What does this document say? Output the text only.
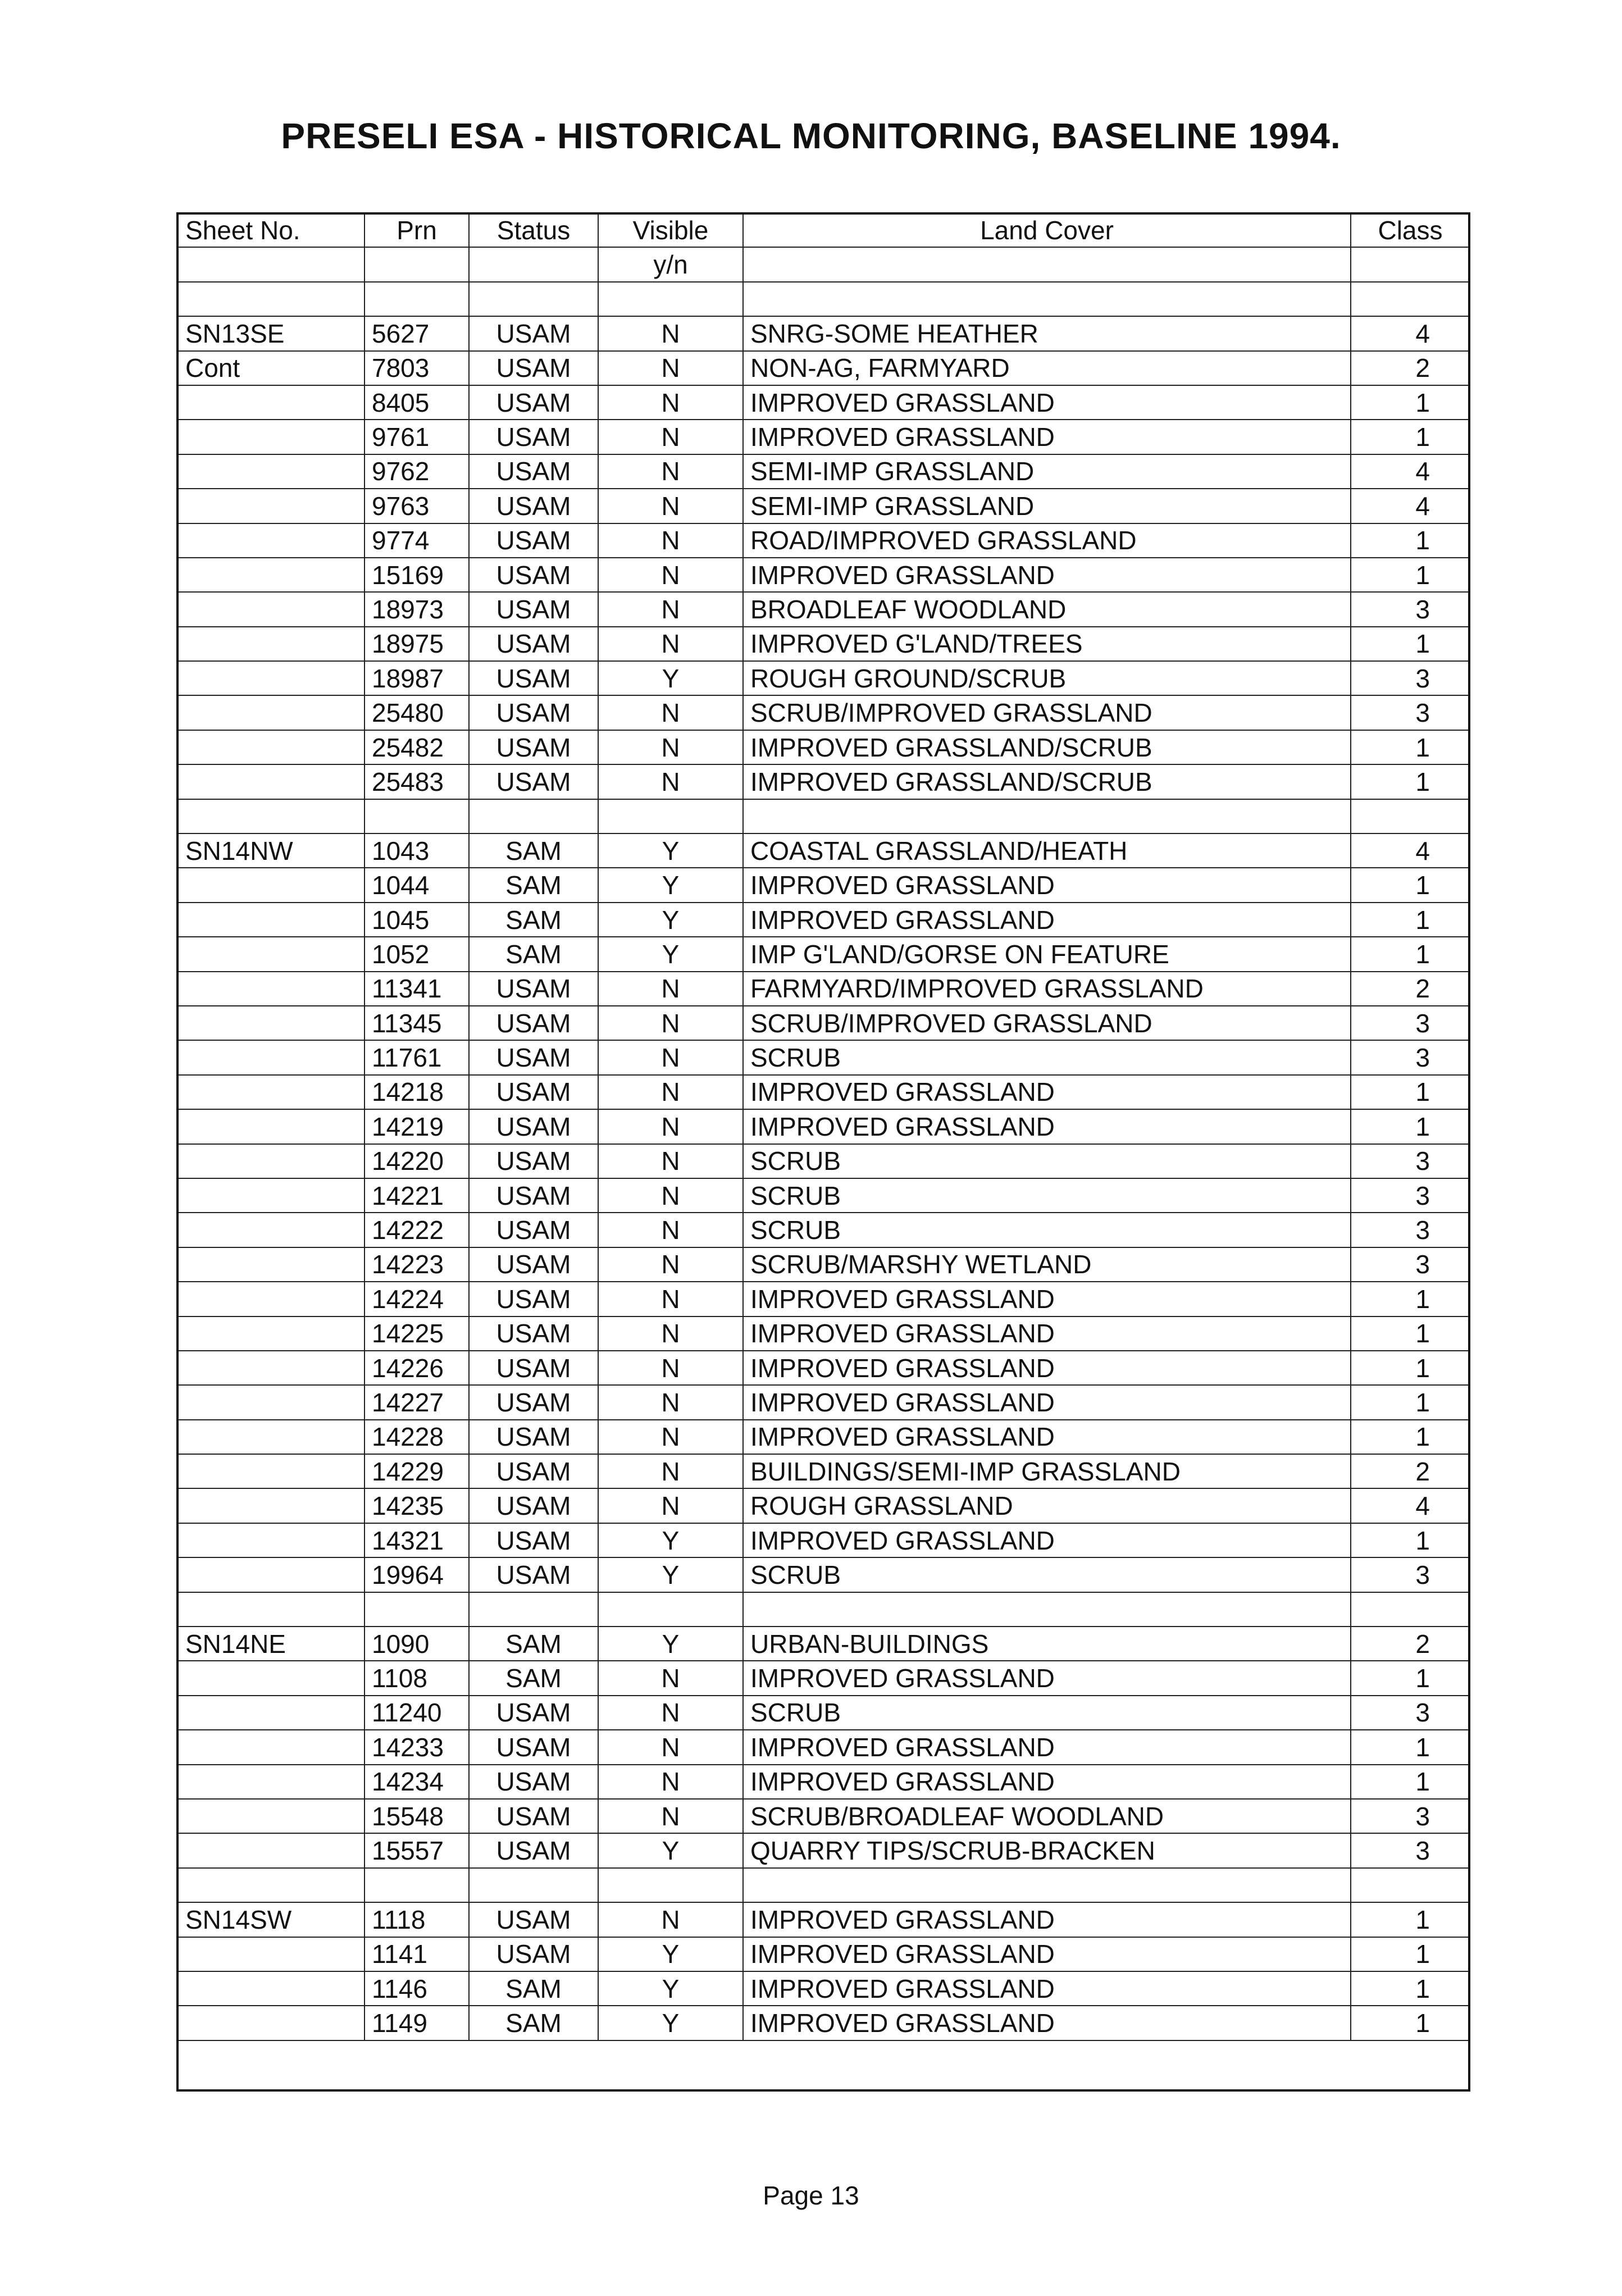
PRESELI ESA - HISTORICAL MONITORING, BASELINE 1994.
Sheet No.	Prn	Status	Visible	Land Cover	Class
			y/n		

SN13SE	5627	USAM	N	SNRG-SOME HEATHER	4
Cont	7803	USAM	N	NON-AG, FARMYARD	2
	8405	USAM	N	IMPROVED GRASSLAND	1
	9761	USAM	N	IMPROVED GRASSLAND	1
	9762	USAM	N	SEMI-IMP GRASSLAND	4
	9763	USAM	N	SEMI-IMP GRASSLAND	4
	9774	USAM	N	ROAD/IMPROVED GRASSLAND	1
	15169	USAM	N	IMPROVED GRASSLAND	1
	18973	USAM	N	BROADLEAF WOODLAND	3
	18975	USAM	N	IMPROVED G'LAND/TREES	1
	18987	USAM	Y	ROUGH GROUND/SCRUB	3
	25480	USAM	N	SCRUB/IMPROVED GRASSLAND	3
	25482	USAM	N	IMPROVED GRASSLAND/SCRUB	1
	25483	USAM	N	IMPROVED GRASSLAND/SCRUB	1

SN14NW	1043	SAM	Y	COASTAL GRASSLAND/HEATH	4
	1044	SAM	Y	IMPROVED GRASSLAND	1
	1045	SAM	Y	IMPROVED GRASSLAND	1
	1052	SAM	Y	IMP G'LAND/GORSE ON FEATURE	1
	11341	USAM	N	FARMYARD/IMPROVED GRASSLAND	2
	11345	USAM	N	SCRUB/IMPROVED GRASSLAND	3
	11761	USAM	N	SCRUB	3
	14218	USAM	N	IMPROVED GRASSLAND	1
	14219	USAM	N	IMPROVED GRASSLAND	1
	14220	USAM	N	SCRUB	3
	14221	USAM	N	SCRUB	3
	14222	USAM	N	SCRUB	3
	14223	USAM	N	SCRUB/MARSHY WETLAND	3
	14224	USAM	N	IMPROVED GRASSLAND	1
	14225	USAM	N	IMPROVED GRASSLAND	1
	14226	USAM	N	IMPROVED GRASSLAND	1
	14227	USAM	N	IMPROVED GRASSLAND	1
	14228	USAM	N	IMPROVED GRASSLAND	1
	14229	USAM	N	BUILDINGS/SEMI-IMP GRASSLAND	2
	14235	USAM	N	ROUGH GRASSLAND	4
	14321	USAM	Y	IMPROVED GRASSLAND	1
	19964	USAM	Y	SCRUB	3

SN14NE	1090	SAM	Y	URBAN-BUILDINGS	2
	1108	SAM	N	IMPROVED GRASSLAND	1
	11240	USAM	N	SCRUB	3
	14233	USAM	N	IMPROVED GRASSLAND	1
	14234	USAM	N	IMPROVED GRASSLAND	1
	15548	USAM	N	SCRUB/BROADLEAF WOODLAND	3
	15557	USAM	Y	QUARRY TIPS/SCRUB-BRACKEN	3

SN14SW	1118	USAM	N	IMPROVED GRASSLAND	1
	1141	USAM	Y	IMPROVED GRASSLAND	1
	1146	SAM	Y	IMPROVED GRASSLAND	1
	1149	SAM	Y	IMPROVED GRASSLAND	1
Page 13
